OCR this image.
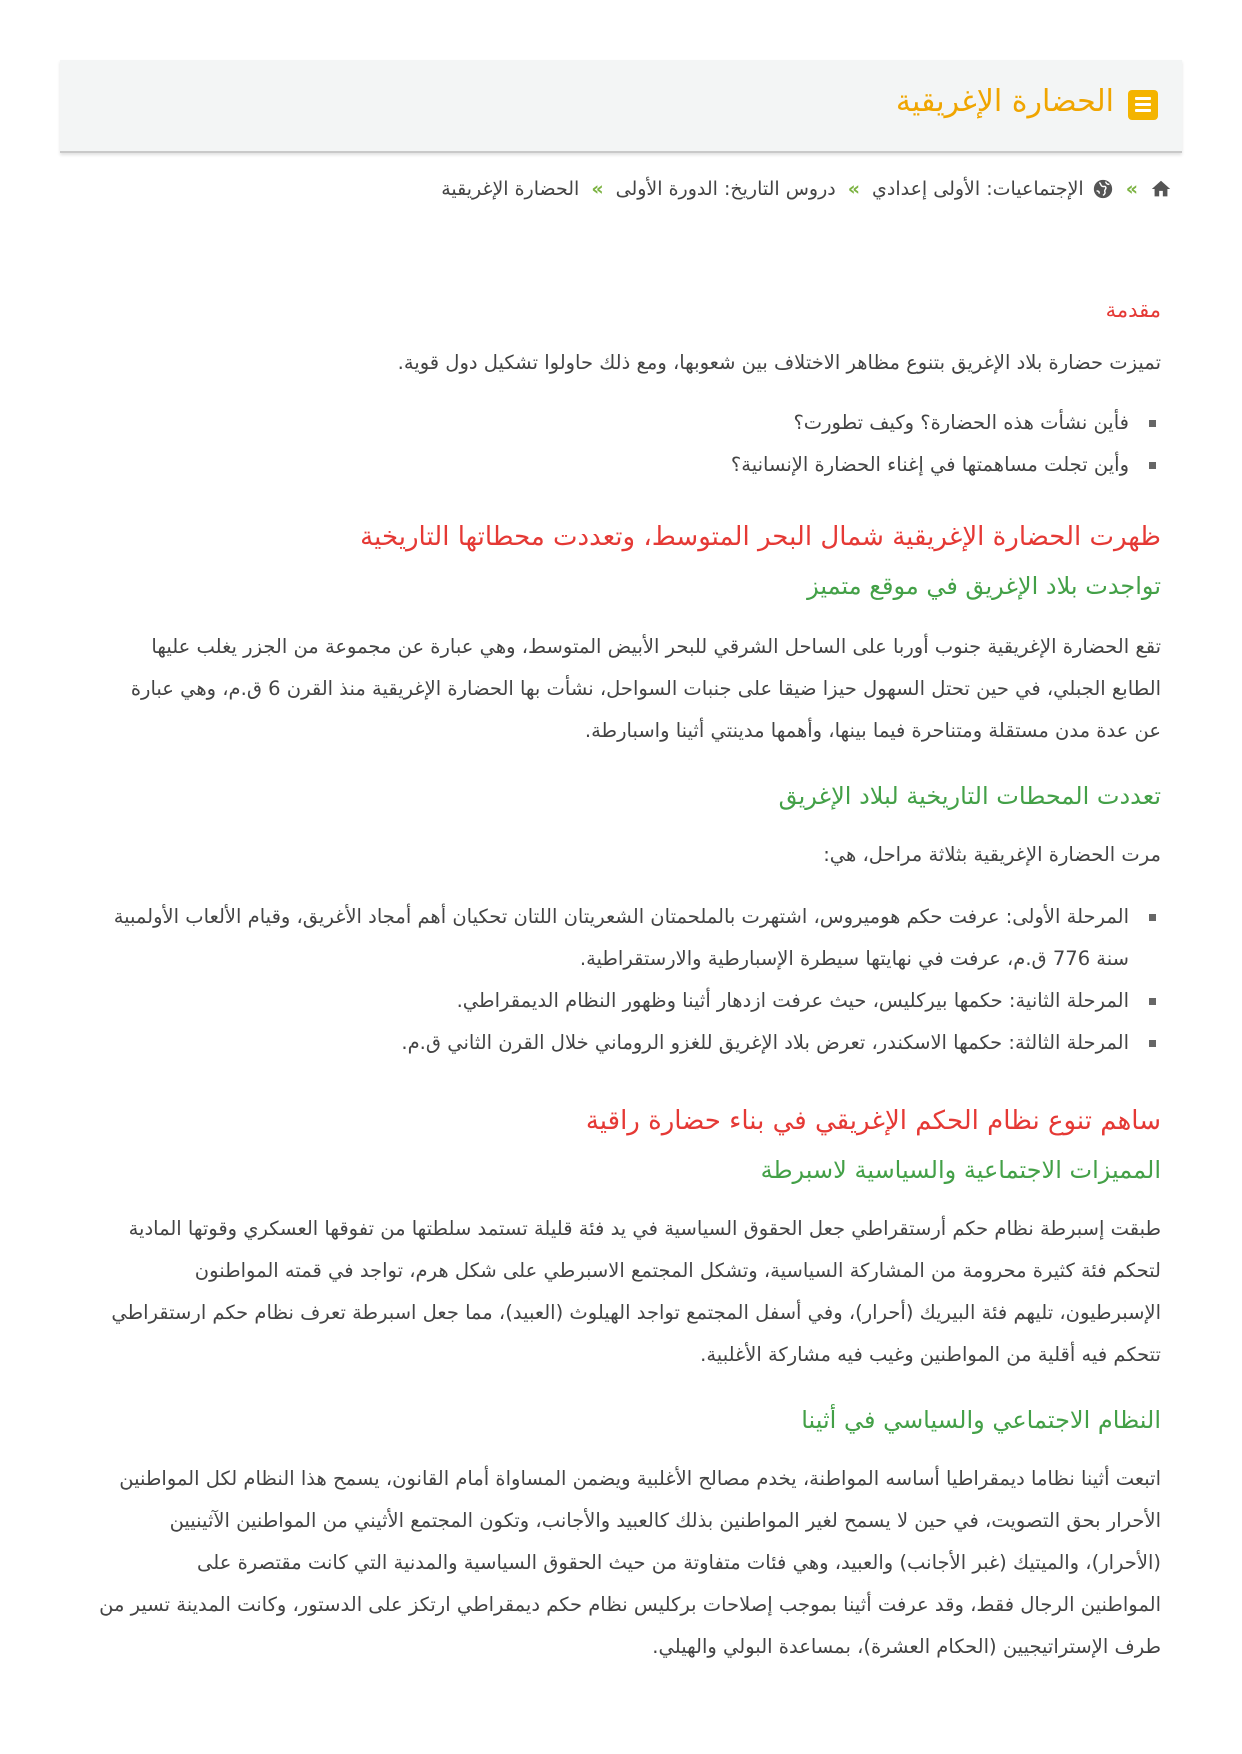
الحضارة الإغريقية
»
الإجتماعيات: الأولى إعدادي
»
دروس التاريخ: الدورة الأولى
»
الحضارة الإغريقية
مقدمة

تميزت حضارة بلاد الإغريق بتنوع مظاهر الاختلاف بين شعوبها، ومع ذلك حاولوا تشكيل دول قوية.

فأين نشأت هذه الحضارة؟ وكيف تطورت؟
وأين تجلت مساهمتها في إغناء الحضارة الإنسانية؟
ظهرت الحضارة الإغريقية شمال البحر المتوسط، وتعددت محطاتها التاريخية
تواجدت بلاد الإغريق في موقع متميز

تقع الحضارة الإغريقية جنوب أوربا على الساحل الشرقي للبحر الأبيض المتوسط، وهي عبارة عن مجموعة من الجزر يغلب عليها

الطابع الجبلي، في حين تحتل السهول حيزا ضيقا على جنبات السواحل، نشأت بها الحضارة الإغريقية منذ القرن 6 ق.م، وهي عبارة

عن عدة مدن مستقلة ومتناحرة فيما بينها، وأهمها مدينتي أثينا واسبارطة.

تعددت المحطات التاريخية لبلاد الإغريق

مرت الحضارة الإغريقية بثلاثة مراحل، هي:

المرحلة الأولى: عرفت حكم هوميروس، اشتهرت بالملحمتان الشعريتان اللتان تحكيان أهم أمجاد الأغريق، وقيام الألعاب الأولمبية سنة 776 ق.م، عرفت في نهايتها سيطرة الإسبارطية والارستقراطية.
المرحلة الثانية: حكمها بيركليس، حيث عرفت ازدهار أثينا وظهور النظام الديمقراطي.
المرحلة الثالثة: حكمها الاسكندر، تعرض بلاد الإغريق للغزو الروماني خلال القرن الثاني ق.م.
ساهم تنوع نظام الحكم الإغريقي في بناء حضارة راقية
المميزات الاجتماعية والسياسية لاسبرطة

طبقت إسبرطة نظام حكم أرستقراطي جعل الحقوق السياسية في يد فئة قليلة تستمد سلطتها من تفوقها العسكري وقوتها المادية

لتحكم فئة كثيرة محرومة من المشاركة السياسية، وتشكل المجتمع الاسبرطي على شكل هرم، تواجد في قمته المواطنون

الإسبرطيون، تليهم فئة البيريك (أحرار)، وفي أسفل المجتمع تواجد الهيلوث (العبيد)، مما جعل اسبرطة تعرف نظام حكم ارستقراطي

تتحكم فيه أقلية من المواطنين وغيب فيه مشاركة الأغلبية.

النظام الاجتماعي والسياسي في أثينا

اتبعت أثينا نظاما ديمقراطيا أساسه المواطنة، يخدم مصالح الأغلبية ويضمن المساواة أمام القانون، يسمح هذا النظام لكل المواطنين

الأحرار بحق التصويت، في حين لا يسمح لغير المواطنين بذلك كالعبيد والأجانب، وتكون المجتمع الأثيني من المواطنين الآثينيين

(الأحرار)، والميتيك (غبر الأجانب) والعبيد، وهي فئات متفاوتة من حيث الحقوق السياسية والمدنية التي كانت مقتصرة على

المواطنين الرجال فقط، وقد عرفت أثينا بموجب إصلاحات بركليس نظام حكم ديمقراطي ارتكز على الدستور، وكانت المدينة تسير من

طرف الإستراتيجيين (الحكام العشرة)، بمساعدة البولي والهيلي.
